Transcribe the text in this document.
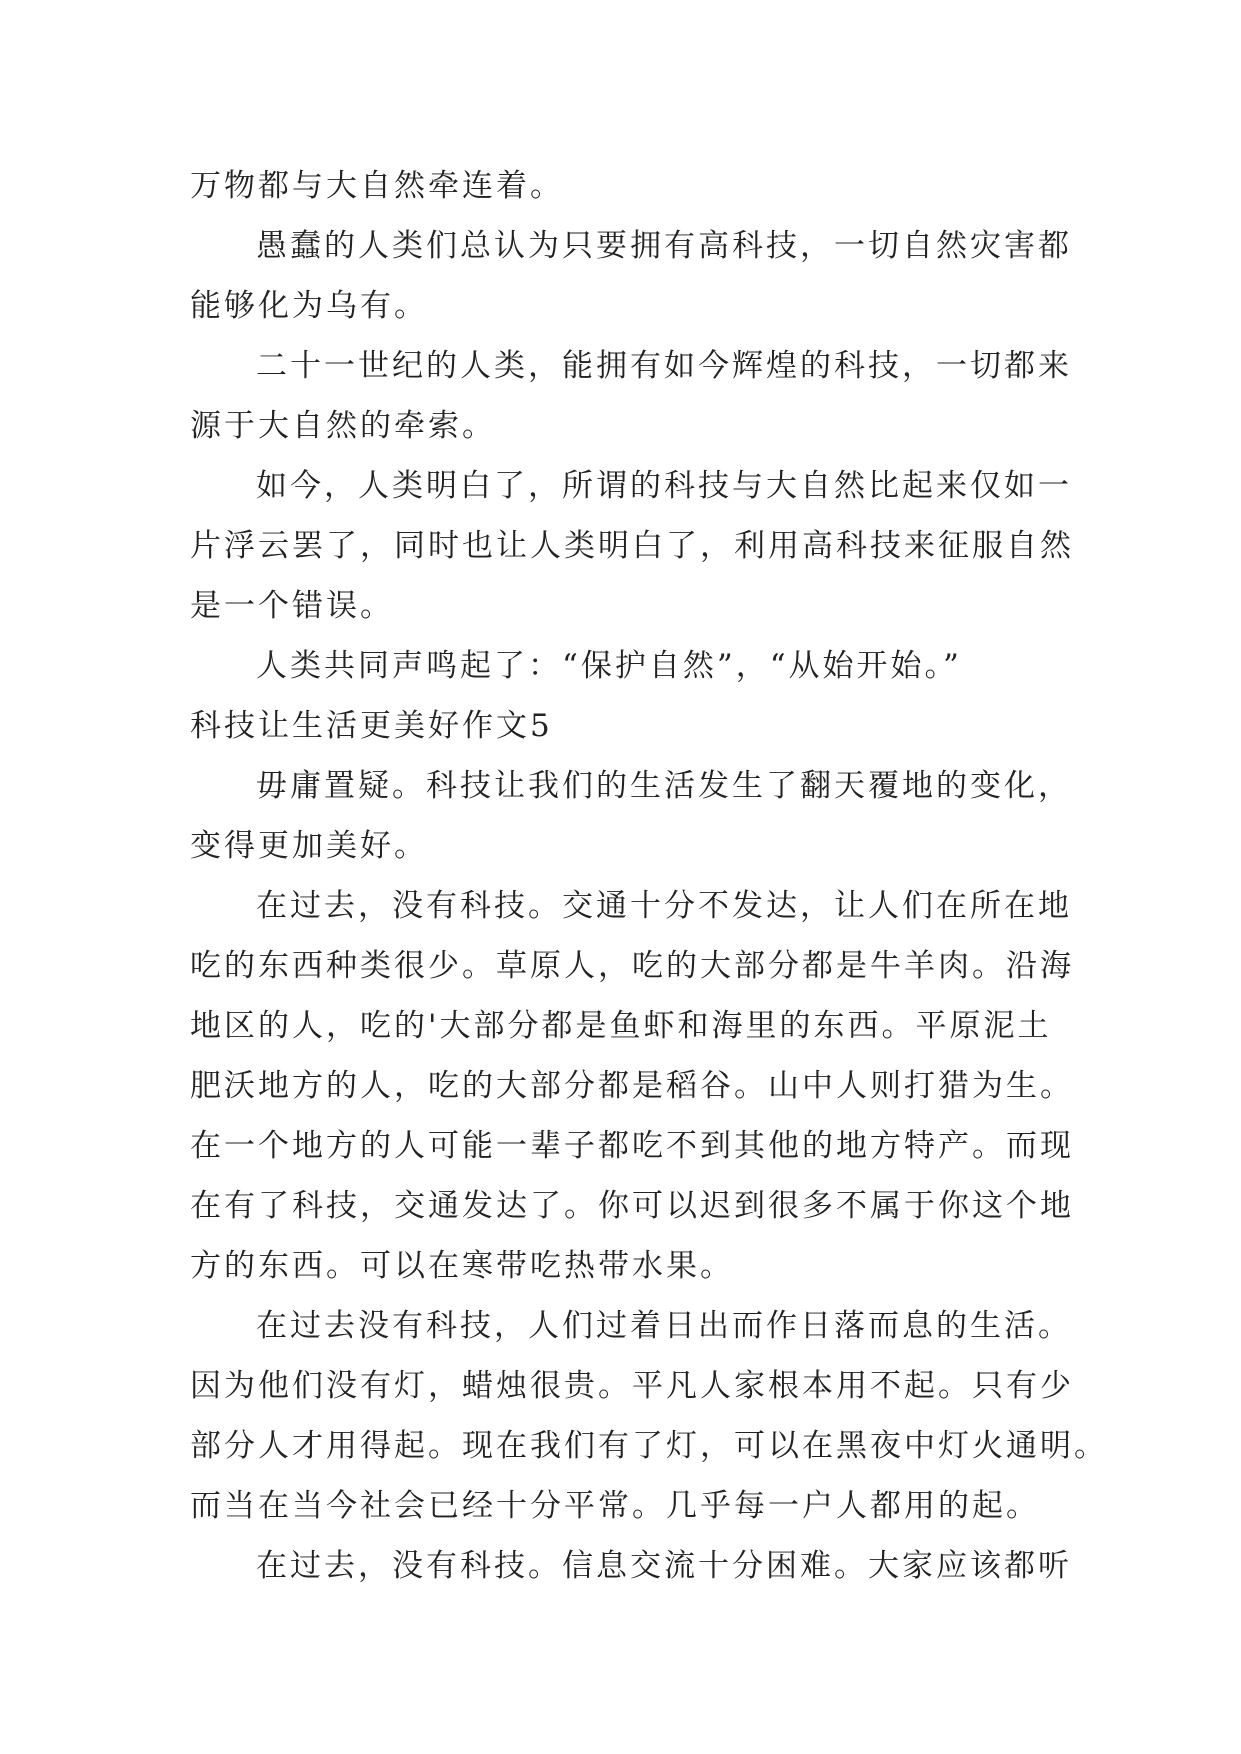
万物都与大自然牵连着。
愚蠢的人类们总认为只要拥有高科技，一切自然灾害都
能够化为乌有。
二十一世纪的人类，能拥有如今辉煌的科技，一切都来
源于大自然的牵索。
如今，人类明白了，所谓的科技与大自然比起来仅如一
片浮云罢了，同时也让人类明白了，利用高科技来征服自然
是一个错误。
人类共同声鸣起了：“保护自然”，“从始开始。”
科技让生活更美好作文5
毋庸置疑。科技让我们的生活发生了翻天覆地的变化，
变得更加美好。
在过去，没有科技。交通十分不发达，让人们在所在地
吃的东西种类很少。草原人，吃的大部分都是牛羊肉。沿海
地区的人，吃的'大部分都是鱼虾和海里的东西。平原泥土
肥沃地方的人，吃的大部分都是稻谷。山中人则打猎为生。
在一个地方的人可能一辈子都吃不到其他的地方特产。而现
在有了科技，交通发达了。你可以迟到很多不属于你这个地
方的东西。可以在寒带吃热带水果。
在过去没有科技，人们过着日出而作日落而息的生活。
因为他们没有灯，蜡烛很贵。平凡人家根本用不起。只有少
部分人才用得起。现在我们有了灯，可以在黑夜中灯火通明。
而当在当今社会已经十分平常。几乎每一户人都用的起。
在过去，没有科技。信息交流十分困难。大家应该都听
